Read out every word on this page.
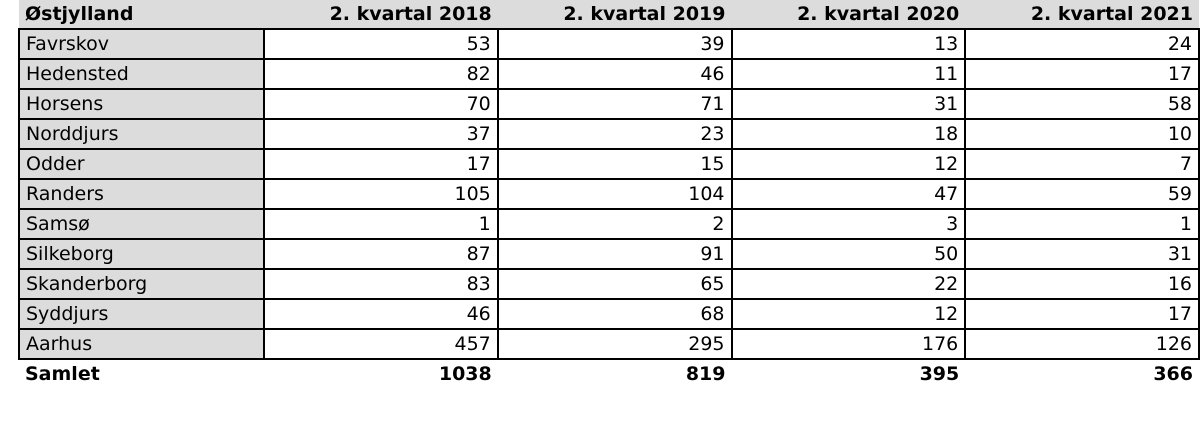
Østjylland	2. kvartal 2018	2. kvartal 2019	2. kvartal 2020	2. kvartal 2021
Favrskov	53	39	13	24
Hedensted	82	46	11	17
Horsens	70	71	31	58
Norddjurs	37	23	18	10
Odder	17	15	12	7
Randers	105	104	47	59
Samsø	1	2	3	1
Silkeborg	87	91	50	31
Skanderborg	83	65	22	16
Syddjurs	46	68	12	17
Aarhus	457	295	176	126
Samlet	1038	819	395	366
